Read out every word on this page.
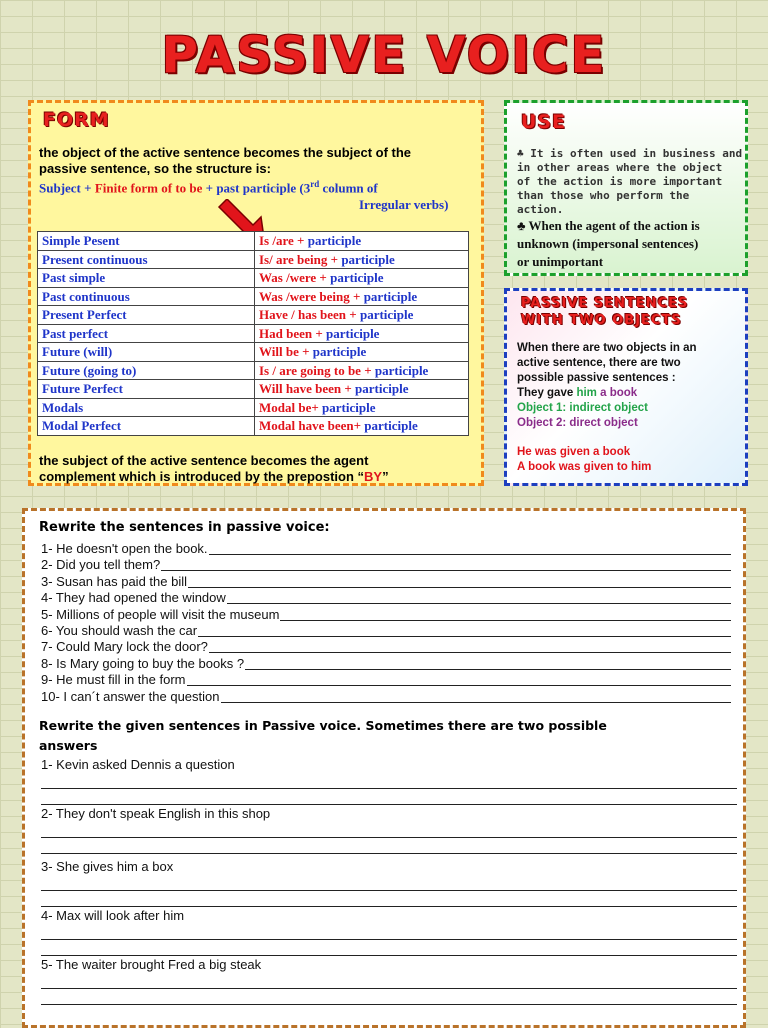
PASSIVE VOICE
FORM
the object of the active sentence becomes the subject of the
passive sentence, so the structure is:
Subject + Finite form of to be + past participle (3rd column of
Irregular verbs)
Simple Pesent	Is /are + participle
Present continuous	Is/ are being + participle
Past simple	Was /were + participle
Past continuous	Was /were being + participle
Present Perfect	Have / has been + participle
Past perfect	Had been + participle
Future (will)	Will be + participle
Future (going to)	Is / are going to be + participle
Future Perfect	Will have been + participle
Modals	Modal be+ participle
Modal Perfect	Modal have been+ participle
the subject of the active sentence becomes the agent
complement which is introduced by the prepostion “BY”
USE
♣ It is often used in business and
in other areas where the object
of the action is more important
than those who perform the
action.
♣ When the agent of the action is
unknown (impersonal sentences)
or unimportant
PASSIVE SENTENCES
WITH TWO OBJECTS
When there are two objects in an
active sentence, there are two
possible passive sentences :
They gave him a book
Object 1: indirect object
Object 2: direct object
He was given a book
A book was given to him
Rewrite the sentences in passive voice:
1- He doesn't open the book.
2- Did you tell them?
3- Susan has paid the bill
4- They had opened the window
5- Millions of people will visit the museum
6- You should wash the car
7- Could Mary lock the door?
8- Is Mary going to buy the books ?
9- He must fill in the form
10- I can´t answer the question
Rewrite the given sentences in Passive voice. Sometimes there are two possible
answers
1- Kevin asked Dennis a question
2- They don't speak English in this shop
3- She gives him a box
4- Max will look after him
5- The waiter brought Fred a big steak
